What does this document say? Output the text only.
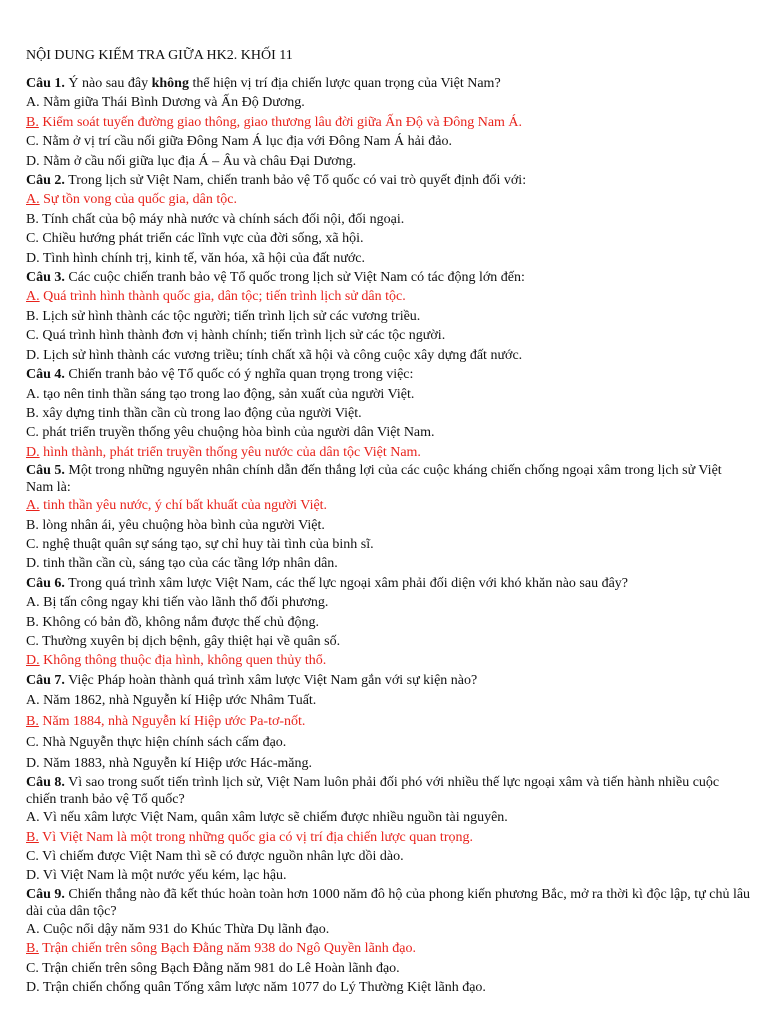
NỘI DUNG KIẾM TRA GIỮA HK2. KHỐI 11
Câu 1. Ý nào sau đây không thể hiện vị trí địa chiến lược quan trọng của Việt Nam?
A. Nằm giữa Thái Bình Dương và Ấn Độ Dương.
B. Kiểm soát tuyến đường giao thông, giao thương lâu đời giữa Ấn Độ và Đông Nam Á.
C. Nằm ở vị trí cầu nối giữa Đông Nam Á lục địa với Đông Nam Á hải đảo.
D. Nằm ở cầu nối giữa lục địa Á – Âu và châu Đại Dương.
Câu 2. Trong lịch sử Việt Nam, chiến tranh bảo vệ Tổ quốc có vai trò quyết định đối với:
A. Sự tồn vong của quốc gia, dân tộc.
B. Tính chất của bộ máy nhà nước và chính sách đối nội, đối ngoại.
C. Chiều hướng phát triển các lĩnh vực của đời sống, xã hội.
D. Tình hình chính trị, kinh tế, văn hóa, xã hội của đất nước.
Câu 3. Các cuộc chiến tranh bảo vệ Tổ quốc trong lịch sử Việt Nam có tác động lớn đến:
A. Quá trình hình thành quốc gia, dân tộc; tiến trình lịch sử dân tộc.
B. Lịch sử hình thành các tộc người; tiến trình lịch sử các vương triều.
C. Quá trình hình thành đơn vị hành chính; tiến trình lịch sử các tộc người.
D. Lịch sử hình thành các vương triều; tính chất xã hội và công cuộc xây dựng đất nước.
Câu 4. Chiến tranh bảo vệ Tổ quốc có ý nghĩa quan trọng trong việc:
A. tạo nên tinh thần sáng tạo trong lao động, sản xuất của người Việt.
B. xây dựng tinh thần cần cù trong lao động của người Việt.
C. phát triển truyền thống yêu chuộng hòa bình của người dân Việt Nam.
D. hình thành, phát triển truyền thống yêu nước của dân tộc Việt Nam.
Câu 5. Một trong những nguyên nhân chính dẫn đến thắng lợi của các cuộc kháng chiến chống ngoại xâm trong lịch sử Việt Nam là:
A. tinh thần yêu nước, ý chí bất khuất của người Việt.
B. lòng nhân ái, yêu chuộng hòa bình của người Việt.
C. nghệ thuật quân sự sáng tạo, sự chỉ huy tài tình của binh sĩ.
D. tinh thần cần cù, sáng tạo của các tầng lớp nhân dân.
Câu 6. Trong quá trình xâm lược Việt Nam, các thế lực ngoại xâm phải đối diện với khó khăn nào sau đây?
A. Bị tấn công ngay khi tiến vào lãnh thổ đối phương.
B. Không có bản đồ, không nắm được thế chủ động.
C. Thường xuyên bị dịch bệnh, gây thiệt hại về quân số.
D. Không thông thuộc địa hình, không quen thủy thổ.
Câu 7. Việc Pháp hoàn thành quá trình xâm lược Việt Nam gắn với sự kiện nào?
A. Năm 1862, nhà Nguyễn kí Hiệp ước Nhâm Tuất.
B. Năm 1884, nhà Nguyễn kí Hiệp ước Pa-tơ-nốt.
C. Nhà Nguyễn thực hiện chính sách cấm đạo.
D. Năm 1883, nhà Nguyễn kí Hiệp ước Hác-măng.
Câu 8. Vì sao trong suốt tiến trình lịch sử, Việt Nam luôn phải đối phó với nhiều thế lực ngoại xâm và tiến hành nhiều cuộc chiến tranh bảo vệ Tổ quốc?
A. Vì nếu xâm lược Việt Nam, quân xâm lược sẽ chiếm được nhiều nguồn tài nguyên.
B. Vì Việt Nam là một trong những quốc gia có vị trí địa chiến lược quan trọng.
C. Vì chiếm được Việt Nam thì sẽ có được nguồn nhân lực dồi dào.
D. Vì Việt Nam là một nước yếu kém, lạc hậu.
Câu 9. Chiến thắng nào đã kết thúc hoàn toàn hơn 1000 năm đô hộ của phong kiến phương Bắc, mở ra thời kì độc lập, tự chủ lâu dài của dân tộc?
A. Cuộc nổi dậy năm 931 do Khúc Thừa Dụ lãnh đạo.
B. Trận chiến trên sông Bạch Đằng năm 938 do Ngô Quyền lãnh đạo.
C. Trận chiến trên sông Bạch Đằng năm 981 do Lê Hoàn lãnh đạo.
D. Trận chiến chống quân Tống xâm lược năm 1077 do Lý Thường Kiệt lãnh đạo.
